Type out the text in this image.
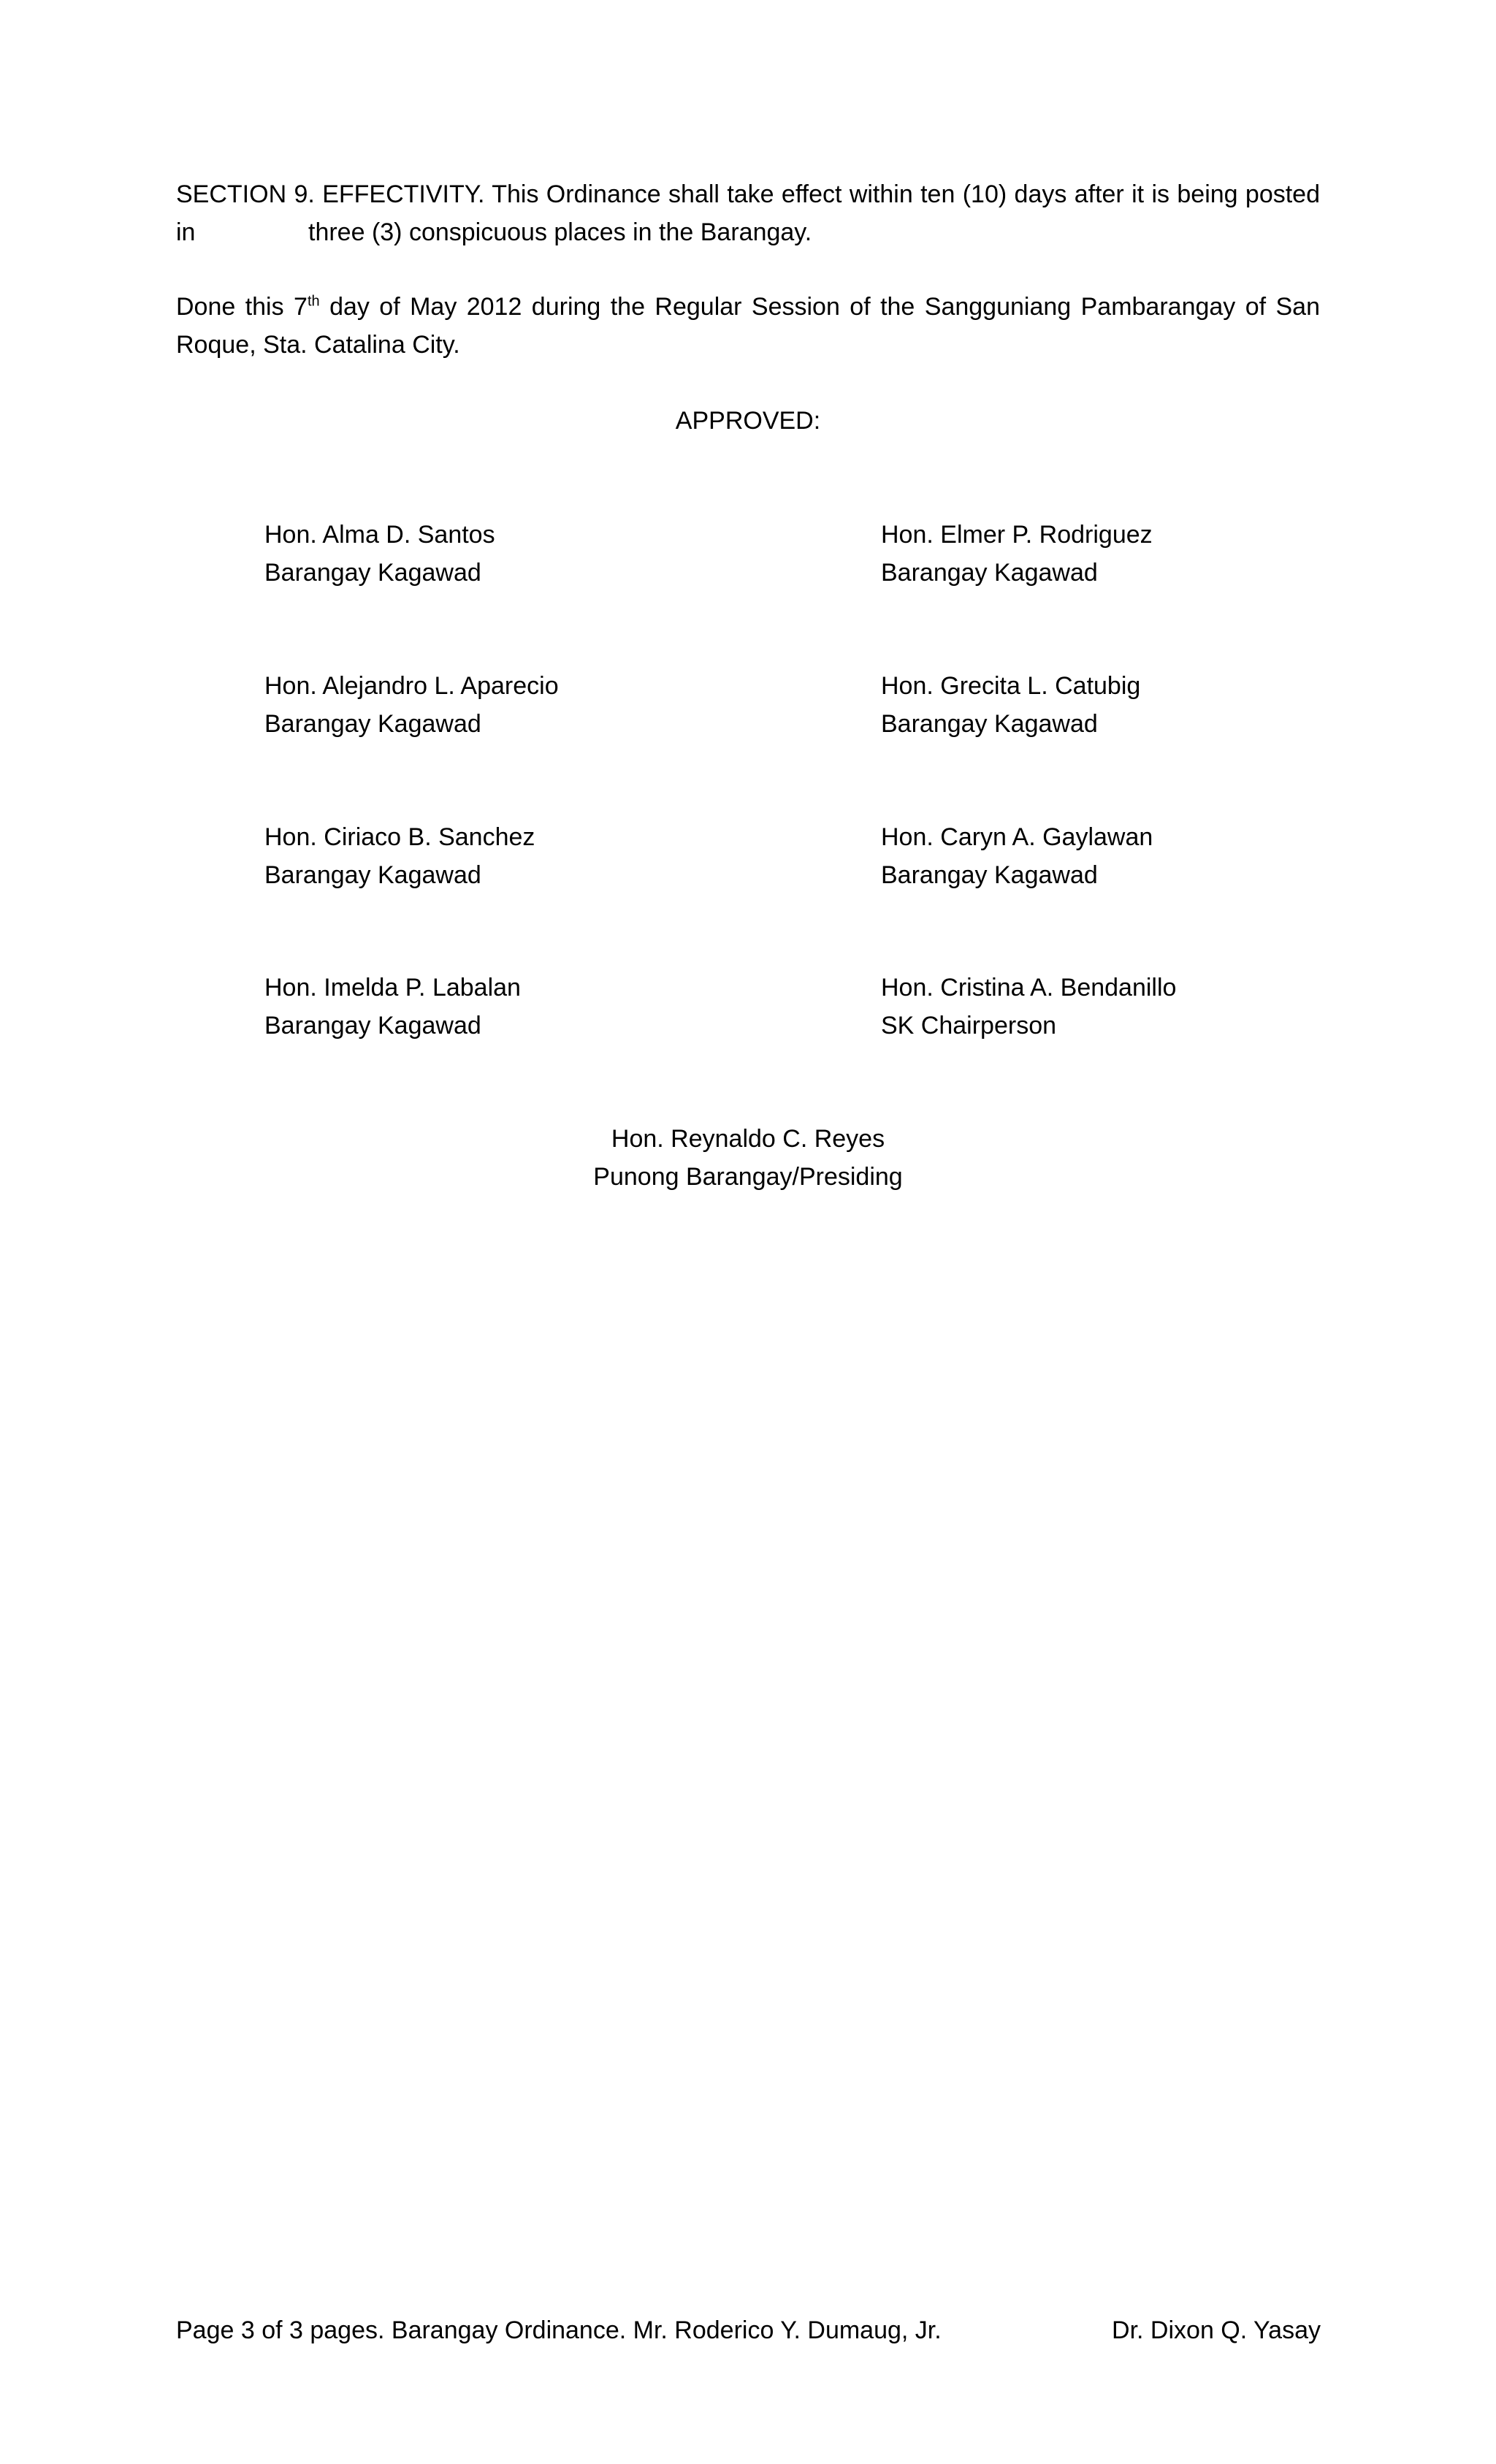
SECTION 9. EFFECTIVITY. This Ordinance shall take effect within ten (10) days after it is being posted in	three (3) conspicuous places in the Barangay.
Done this 7th day of May 2012 during the Regular Session of the Sangguniang Pambarangay of San
Roque, Sta. Catalina City.
APPROVED:
Hon. Alma D. Santos
Barangay Kagawad
Hon. Elmer P. Rodriguez
Barangay Kagawad
Hon. Alejandro L. Aparecio
Barangay Kagawad
Hon. Grecita L. Catubig
Barangay Kagawad
Hon. Ciriaco B. Sanchez
Barangay Kagawad
Hon. Caryn A. Gaylawan
Barangay Kagawad
Hon. Imelda P. Labalan
Barangay Kagawad
Hon. Cristina A. Bendanillo
SK Chairperson
Hon. Reynaldo C. Reyes
Punong Barangay/Presiding
Page 3 of 3 pages. Barangay Ordinance. Mr. Roderico Y. Dumaug, Jr.	Dr. Dixon Q. Yasay
